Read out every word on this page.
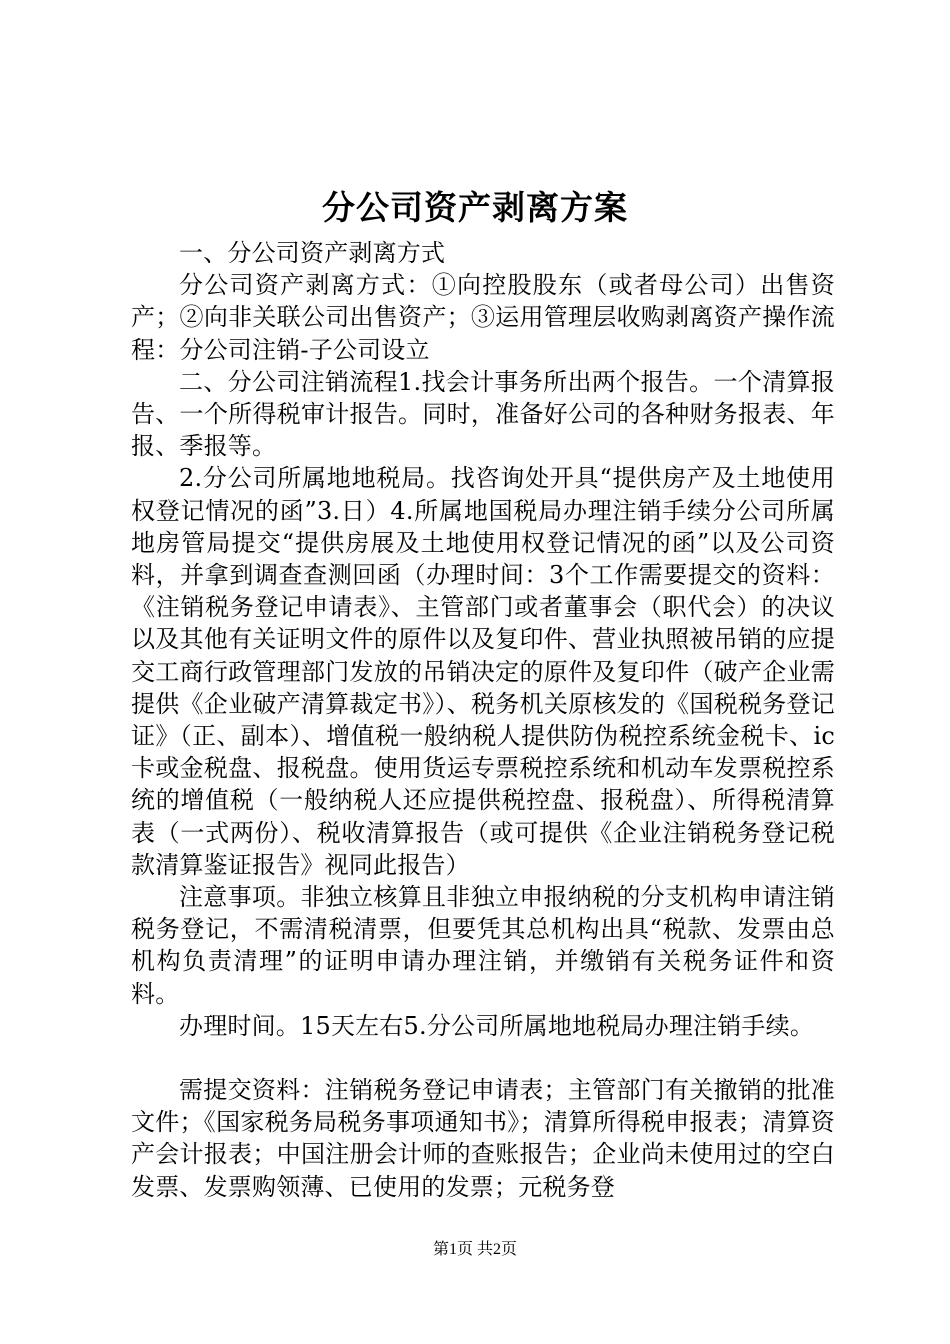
分公司资产剥离方案

一、分公司资产剥离方式

分公司资产剥离方式：①向控股股东（或者母公司）出售资产；②向非关联公司出售资产；③运用管理层收购剥离资产操作流程：分公司注销-子公司设立

二、分公司注销流程1.找会计事务所出两个报告。一个清算报告、一个所得税审计报告。同时，准备好公司的各种财务报表、年报、季报等。

2.分公司所属地地税局。找咨询处开具“提供房产及土地使用权登记情况的函”3.日）4.所属地国税局办理注销手续分公司所属地房管局提交“提供房展及土地使用权登记情况的函”以及公司资料，并拿到调查查测回函（办理时间：3个工作需要提交的资料：《注销税务登记申请表》、主管部门或者董事会（职代会）的决议以及其他有关证明文件的原件以及复印件、营业执照被吊销的应提交工商行政管理部门发放的吊销决定的原件及复印件（破产企业需提供《企业破产清算裁定书》）、税务机关原核发的《国税税务登记证》（正、副本）、增值税一般纳税人提供防伪税控系统金税卡、ic卡或金税盘、报税盘。使用货运专票税控系统和机动车发票税控系统的增值税（一般纳税人还应提供税控盘、报税盘）、所得税清算表（一式两份）、税收清算报告（或可提供《企业注销税务登记税款清算鉴证报告》视同此报告）

注意事项。非独立核算且非独立申报纳税的分支机构申请注销税务登记，不需清税清票，但要凭其总机构出具“税款、发票由总机构负责清理”的证明申请办理注销，并缴销有关税务证件和资料。

办理时间。15天左右5.分公司所属地地税局办理注销手续。

需提交资料：注销税务登记申请表；主管部门有关撤销的批准文件；《国家税务局税务事项通知书》；清算所得税申报表；清算资产会计报表；中国注册会计师的查账报告；企业尚未使用过的空白发票、发票购领薄、已使用的发票；元税务登

第1页 共2页
